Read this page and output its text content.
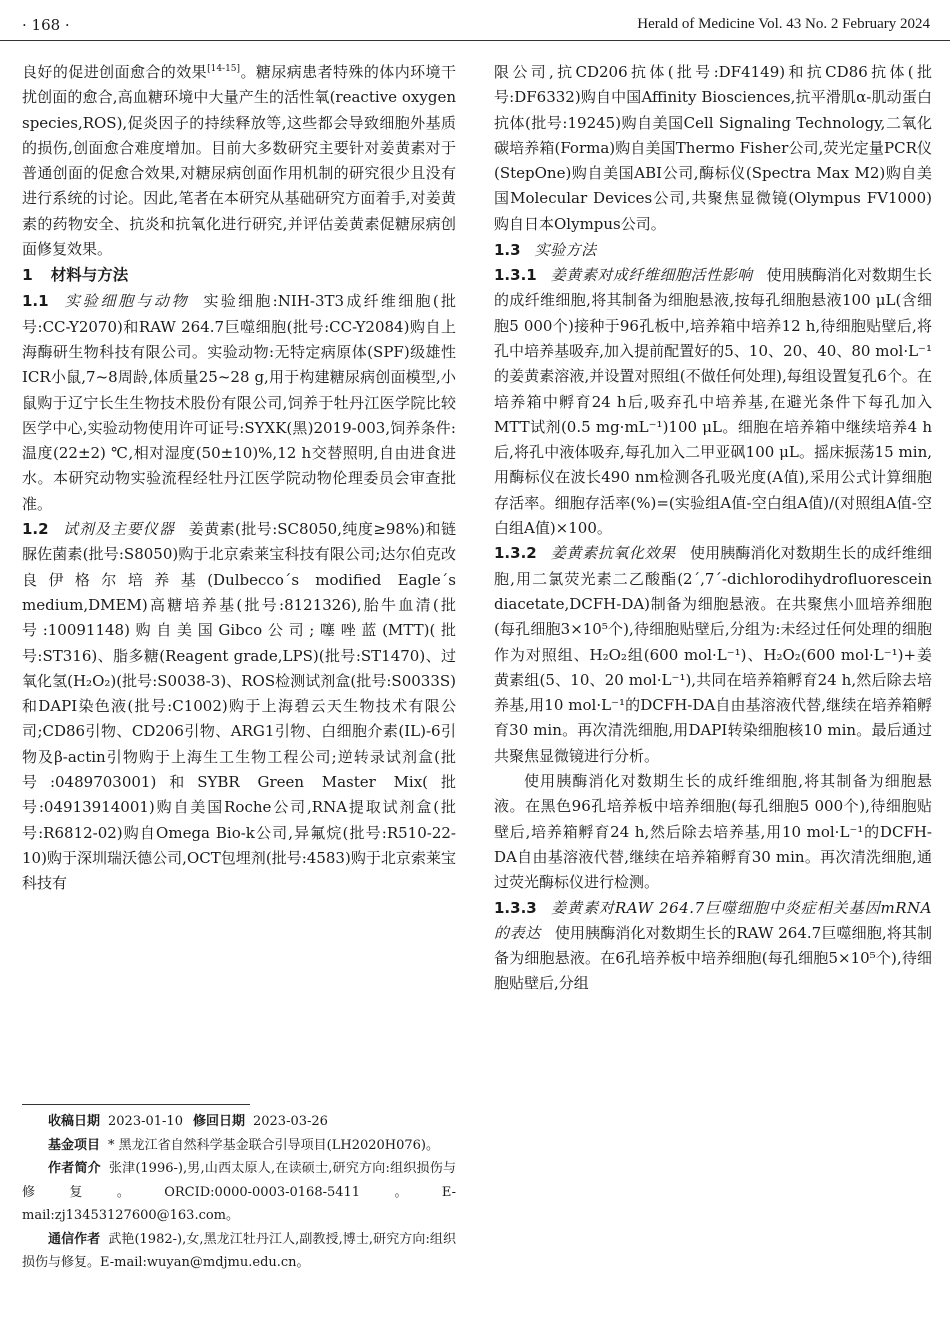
· 168 ·	Herald of Medicine Vol. 43 No. 2 February 2024

良好的促进创面愈合的效果[14-15]。糖尿病患者特殊的体内环境干扰创面的愈合,高血糖环境中大量产生的活性氧(reactive oxygen species,ROS),促炎因子的持续释放等,这些都会导致细胞外基质的损伤,创面愈合难度增加。目前大多数研究主要针对姜黄素对于普通创面的促愈合效果,对糖尿病创面作用机制的研究很少且没有进行系统的讨论。因此,笔者在本研究从基础研究方面着手,对姜黄素的药物安全、抗炎和抗氧化进行研究,并评估姜黄素促糖尿病创面修复效果。

1 材料与方法

1.1 实验细胞与动物 实验细胞:NIH-3T3成纤维细胞(批号:CC-Y2070)和RAW 264.7巨噬细胞(批号:CC-Y2084)购自上海酶研生物科技有限公司。实验动物:无特定病原体(SPF)级雄性ICR小鼠,7~8周龄,体质量25~28 g,用于构建糖尿病创面模型,小鼠购于辽宁长生生物技术股份有限公司,饲养于牡丹江医学院比较医学中心,实验动物使用许可证号:SYXK(黑)2019-003,饲养条件:温度(22±2) ℃,相对湿度(50±10)%,12 h交替照明,自由进食进水。本研究动物实验流程经牡丹江医学院动物伦理委员会审查批准。

1.2 试剂及主要仪器 姜黄素(批号:SC8050,纯度≥98%)和链脲佐菌素(批号:S8050)购于北京索莱宝科技有限公司;达尔伯克改良伊格尔培养基(Dulbecco´s modified Eagle´s medium,DMEM)高糖培养基(批号:8121326),胎牛血清(批号:10091148)购自美国Gibco公司;噻唑蓝(MTT)(批号:ST316)、脂多糖(Reagent grade,LPS)(批号:ST1470)、过氧化氢(H₂O₂)(批号:S0038-3)、ROS检测试剂盒(批号:S0033S)和DAPI染色液(批号:C1002)购于上海碧云天生物技术有限公司;CD86引物、CD206引物、ARG1引物、白细胞介素(IL)-6引物及β-actin引物购于上海生工生物工程公司;逆转录试剂盒(批号:0489703001)和SYBR Green Master Mix(批号:04913914001)购自美国Roche公司,RNA提取试剂盒(批号:R6812-02)购自Omega Bio-k公司,异氟烷(批号:R510-22-10)购于深圳瑞沃德公司,OCT包埋剂(批号:4583)购于北京索莱宝科技有

收稿日期 2023-01-10 修回日期 2023-03-26

基金项目 * 黑龙江省自然科学基金联合引导项目(LH2020H076)。

作者简介 张津(1996-),男,山西太原人,在读硕士,研究方向:组织损伤与修复。ORCID:0000-0003-0168-5411。E-mail:zj13453127600@163.com。

通信作者 武艳(1982-),女,黑龙江牡丹江人,副教授,博士,研究方向:组织损伤与修复。E-mail:wuyan@mdjmu.edu.cn。

限公司,抗CD206抗体(批号:DF4149)和抗CD86抗体(批号:DF6332)购自中国Affinity Biosciences,抗平滑肌α-肌动蛋白抗体(批号:19245)购自美国Cell Signaling Technology,二氧化碳培养箱(Forma)购自美国Thermo Fisher公司,荧光定量PCR仪(StepOne)购自美国ABI公司,酶标仪(Spectra Max M2)购自美国Molecular Devices公司,共聚焦显微镜(Olympus FV1000)购自日本Olympus公司。

1.3 实验方法

1.3.1 姜黄素对成纤维细胞活性影响 使用胰酶消化对数期生长的成纤维细胞,将其制备为细胞悬液,按每孔细胞悬液100 μL(含细胞5 000个)接种于96孔板中,培养箱中培养12 h,待细胞贴壁后,将孔中培养基吸弃,加入提前配置好的5、10、20、40、80 mol·L⁻¹的姜黄素溶液,并设置对照组(不做任何处理),每组设置复孔6个。在培养箱中孵育24 h后,吸弃孔中培养基,在避光条件下每孔加入MTT试剂(0.5 mg·mL⁻¹)100 μL。细胞在培养箱中继续培养4 h后,将孔中液体吸弃,每孔加入二甲亚砜100 μL。摇床振荡15 min,用酶标仪在波长490 nm检测各孔吸光度(A值),采用公式计算细胞存活率。细胞存活率(%)=(实验组A值-空白组A值)/(对照组A值-空白组A值)×100。

1.3.2 姜黄素抗氧化效果 使用胰酶消化对数期生长的成纤维细胞,用二氯荧光素二乙酸酯(2´,7´-dichlorodihydrofluorescein diacetate,DCFH-DA)制备为细胞悬液。在共聚焦小皿培养细胞(每孔细胞3×10⁵个),待细胞贴壁后,分组为:未经过任何处理的细胞作为对照组、H₂O₂组(600 mol·L⁻¹)、H₂O₂(600 mol·L⁻¹)+姜黄素组(5、10、20 mol·L⁻¹),共同在培养箱孵育24 h,然后除去培养基,用10 mol·L⁻¹的DCFH-DA自由基溶液代替,继续在培养箱孵育30 min。再次清洗细胞,用DAPI转染细胞核10 min。最后通过共聚焦显微镜进行分析。

使用胰酶消化对数期生长的成纤维细胞,将其制备为细胞悬液。在黑色96孔培养板中培养细胞(每孔细胞5 000个),待细胞贴壁后,培养箱孵育24 h,然后除去培养基,用10 mol·L⁻¹的DCFH-DA自由基溶液代替,继续在培养箱孵育30 min。再次清洗细胞,通过荧光酶标仪进行检测。

1.3.3 姜黄素对RAW 264.7巨噬细胞中炎症相关基因mRNA的表达 使用胰酶消化对数期生长的RAW 264.7巨噬细胞,将其制备为细胞悬液。在6孔培养板中培养细胞(每孔细胞5×10⁵个),待细胞贴壁后,分组
